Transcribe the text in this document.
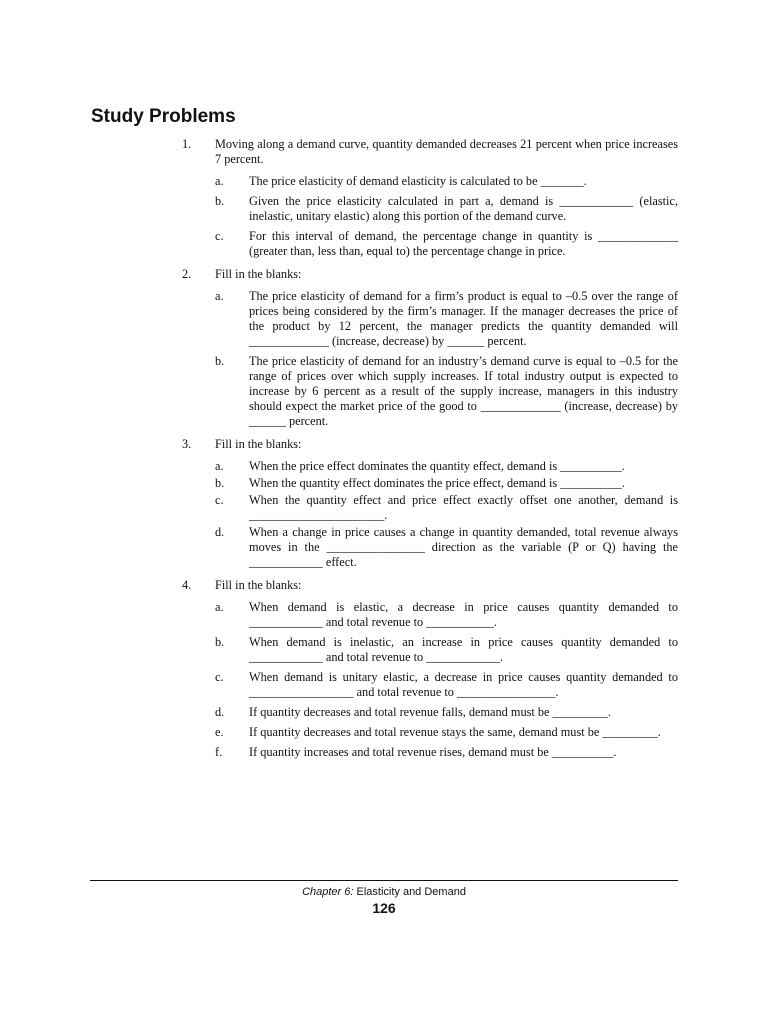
Study Problems
1. Moving along a demand curve, quantity demanded decreases 21 percent when price increases 7 percent.
a. The price elasticity of demand elasticity is calculated to be _______.
b. Given the price elasticity calculated in part a, demand is ____________ (elastic, inelastic, unitary elastic) along this portion of the demand curve.
c. For this interval of demand, the percentage change in quantity is _____________ (greater than, less than, equal to) the percentage change in price.
2. Fill in the blanks:
a. The price elasticity of demand for a firm’s product is equal to –0.5 over the range of prices being considered by the firm’s manager. If the manager decreases the price of the product by 12 percent, the manager predicts the quantity demanded will _____________ (increase, decrease) by ______ percent.
b. The price elasticity of demand for an industry’s demand curve is equal to –0.5 for the range of prices over which supply increases. If total industry output is expected to increase by 6 percent as a result of the supply increase, managers in this industry should expect the market price of the good to _____________ (increase, decrease) by ______ percent.
3. Fill in the blanks:
a. When the price effect dominates the quantity effect, demand is __________.
b. When the quantity effect dominates the price effect, demand is __________.
c. When the quantity effect and price effect exactly offset one another, demand is ______________________.
d. When a change in price causes a change in quantity demanded, total revenue always moves in the ________________ direction as the variable (P or Q) having the ____________ effect.
4. Fill in the blanks:
a. When demand is elastic, a decrease in price causes quantity demanded to ____________ and total revenue to ___________.
b. When demand is inelastic, an increase in price causes quantity demanded to ____________ and total revenue to ____________.
c. When demand is unitary elastic, a decrease in price causes quantity demanded to _________________ and total revenue to ________________.
d. If quantity decreases and total revenue falls, demand must be _________.
e. If quantity decreases and total revenue stays the same, demand must be _________.
f. If quantity increases and total revenue rises, demand must be __________.
Chapter 6: Elasticity and Demand
126
